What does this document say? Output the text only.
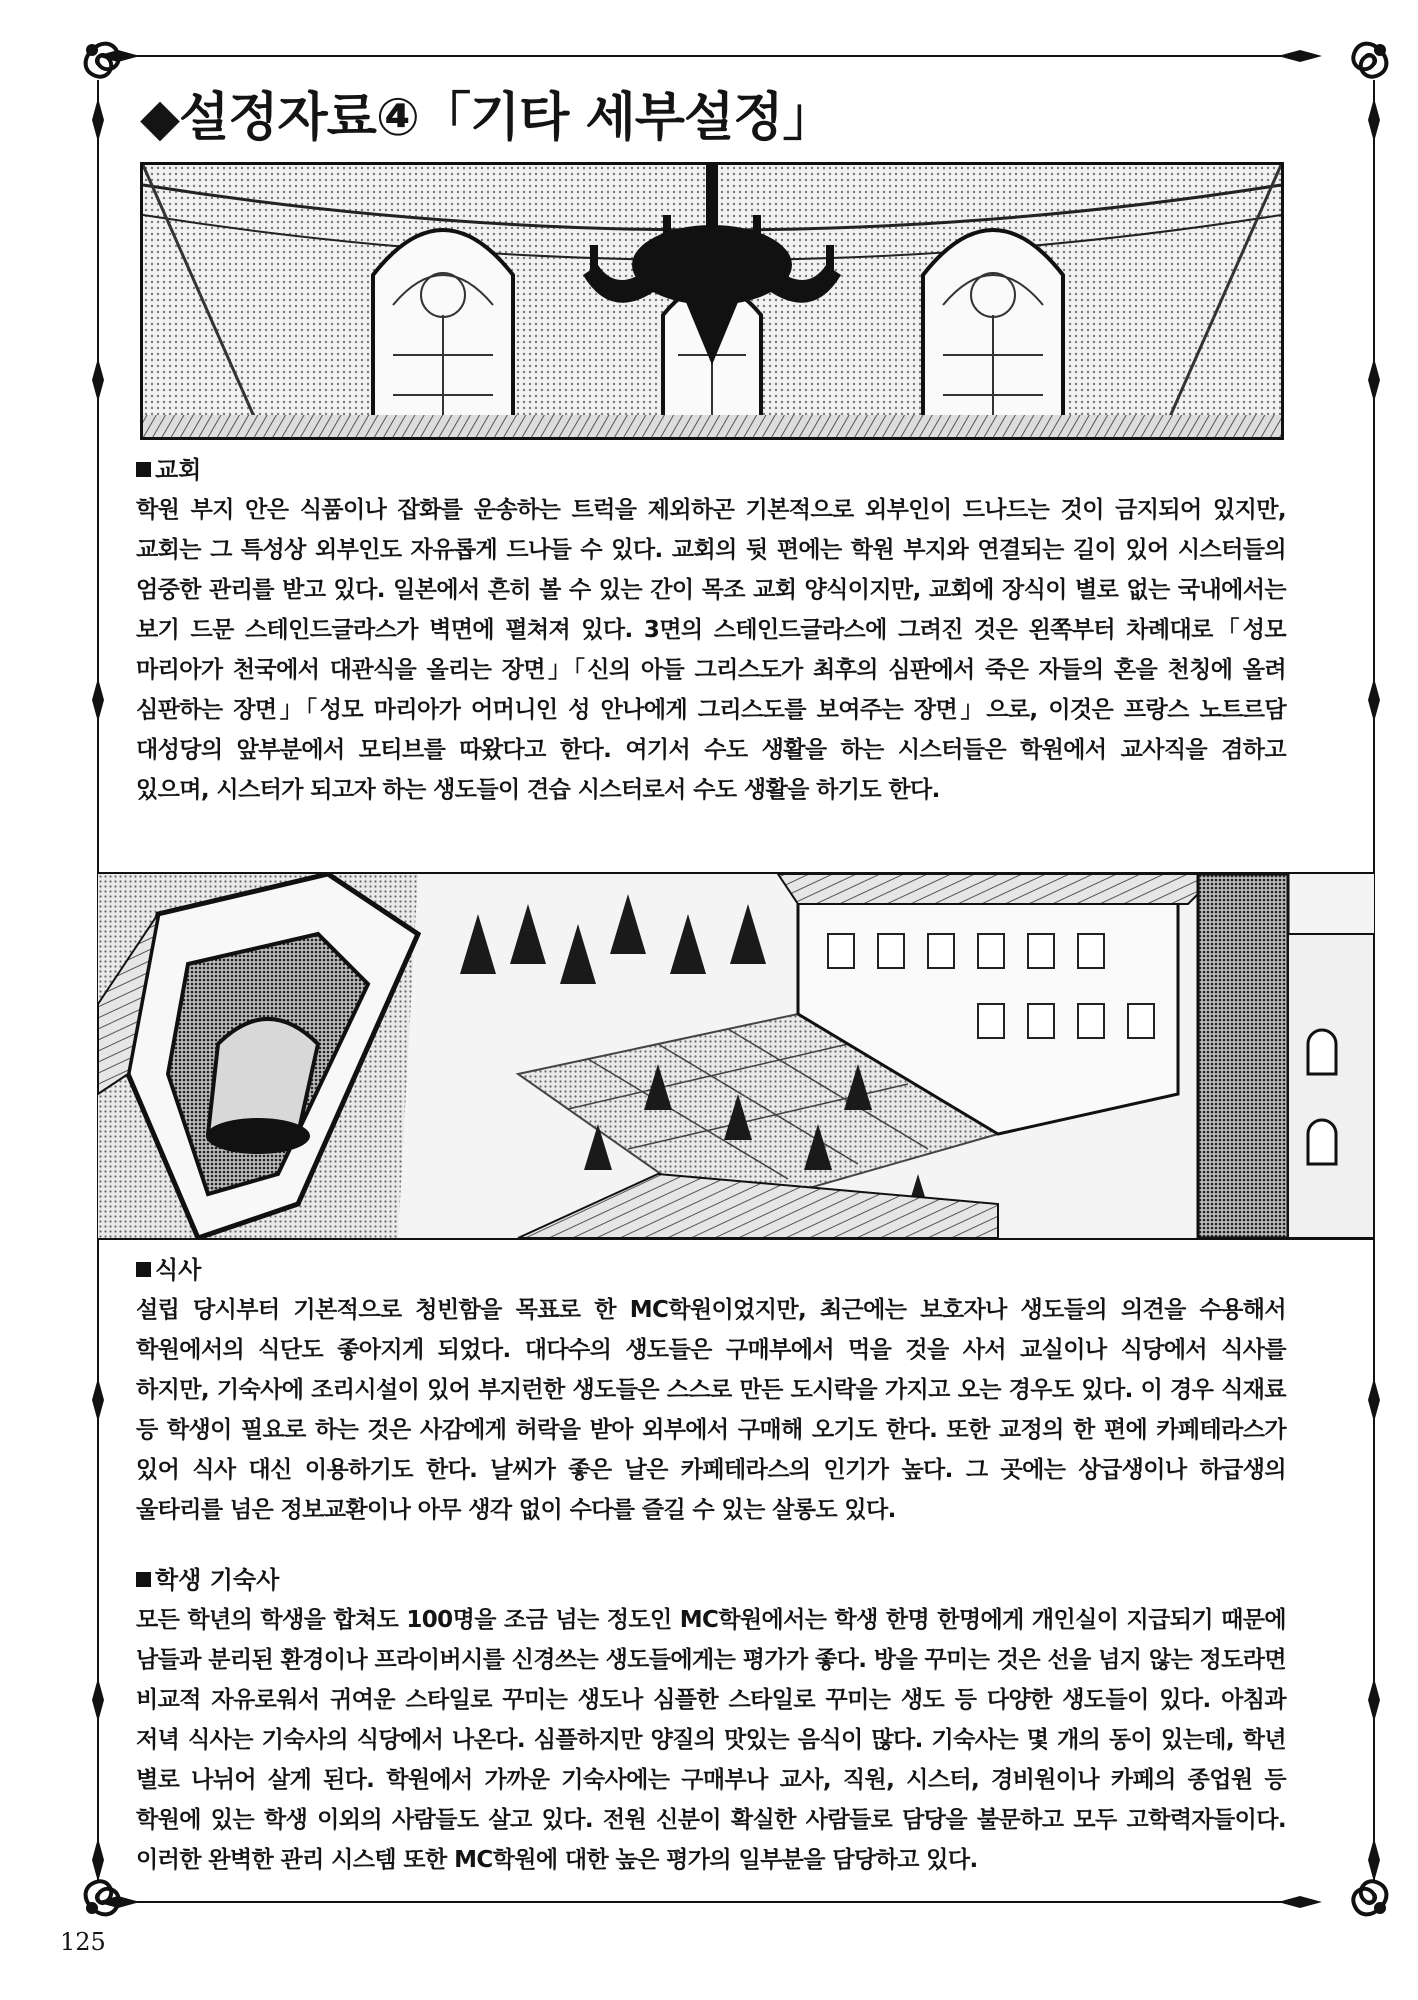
◆설정자료④「기타 세부설정」
교회

학원 부지 안은 식품이나 잡화를 운송하는 트럭을 제외하곤 기본적으로 외부인이 드나드는 것이 금지되어 있지만, 교회는 그 특성상 외부인도 자유롭게 드나들 수 있다. 교회의 뒷 편에는 학원 부지와 연결되는 길이 있어 시스터들의 엄중한 관리를 받고 있다. 일본에서 흔히 볼 수 있는 간이 목조 교회 양식이지만, 교회에 장식이 별로 없는 국내에서는 보기 드문 스테인드글라스가 벽면에 펼쳐져 있다. 3면의 스테인드글라스에 그려진 것은 왼쪽부터 차례대로「성모 마리아가 천국에서 대관식을 올리는 장면」「신의 아들 그리스도가 최후의 심판에서 죽은 자들의 혼을 천칭에 올려 심판하는 장면」「성모 마리아가 어머니인 성 안나에게 그리스도를 보여주는 장면」으로, 이것은 프랑스 노트르담 대성당의 앞부분에서 모티브를 따왔다고 한다. 여기서 수도 생활을 하는 시스터들은 학원에서 교사직을 겸하고 있으며, 시스터가 되고자 하는 생도들이 견습 시스터로서 수도 생활을 하기도 한다.

식사

설립 당시부터 기본적으로 청빈함을 목표로 한 MC학원이었지만, 최근에는 보호자나 생도들의 의견을 수용해서 학원에서의 식단도 좋아지게 되었다. 대다수의 생도들은 구매부에서 먹을 것을 사서 교실이나 식당에서 식사를 하지만, 기숙사에 조리시설이 있어 부지런한 생도들은 스스로 만든 도시락을 가지고 오는 경우도 있다. 이 경우 식재료 등 학생이 필요로 하는 것은 사감에게 허락을 받아 외부에서 구매해 오기도 한다. 또한 교정의 한 편에 카페테라스가 있어 식사 대신 이용하기도 한다. 날씨가 좋은 날은 카페테라스의 인기가 높다. 그 곳에는 상급생이나 하급생의 울타리를 넘은 정보교환이나 아무 생각 없이 수다를 즐길 수 있는 살롱도 있다.

학생 기숙사

모든 학년의 학생을 합쳐도 100명을 조금 넘는 정도인 MC학원에서는 학생 한명 한명에게 개인실이 지급되기 때문에 남들과 분리된 환경이나 프라이버시를 신경쓰는 생도들에게는 평가가 좋다. 방을 꾸미는 것은 선을 넘지 않는 정도라면 비교적 자유로워서 귀여운 스타일로 꾸미는 생도나 심플한 스타일로 꾸미는 생도 등 다양한 생도들이 있다. 아침과 저녁 식사는 기숙사의 식당에서 나온다. 심플하지만 양질의 맛있는 음식이 많다. 기숙사는 몇 개의 동이 있는데, 학년 별로 나뉘어 살게 된다. 학원에서 가까운 기숙사에는 구매부나 교사, 직원, 시스터, 경비원이나 카페의 종업원 등 학원에 있는 학생 이외의 사람들도 살고 있다. 전원 신분이 확실한 사람들로 담당을 불문하고 모두 고학력자들이다. 이러한 완벽한 관리 시스템 또한 MC학원에 대한 높은 평가의 일부분을 담당하고 있다.

125
